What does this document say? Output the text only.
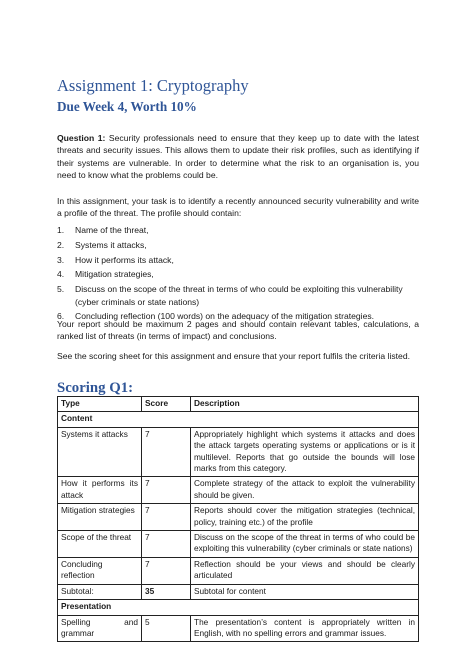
Assignment 1: Cryptography
Due Week 4, Worth 10%

Question 1: Security professionals need to ensure that they keep up to date with the latest threats and security issues. This allows them to update their risk profiles, such as identifying if their systems are vulnerable. In order to determine what the risk to an organisation is, you need to know what the problems could be.

In this assignment, your task is to identify a recently announced security vulnerability and write a profile of the threat. The profile should contain:

1. Name of the threat,
2. Systems it attacks,
3. How it performs its attack,
4. Mitigation strategies,
5. Discuss on the scope of the threat in terms of who could be exploiting this vulnerability (cyber criminals or state nations)
6. Concluding reflection (100 words) on the adequacy of the mitigation strategies.

Your report should be maximum 2 pages and should contain relevant tables, calculations, a ranked list of threats (in terms of impact) and conclusions.

See the scoring sheet for this assignment and ensure that your report fulfils the criteria listed.

Scoring Q1:
Type	Score	Description
Content		
Systems it attacks	7	Appropriately highlight which systems it attacks and does the attack targets operating systems or applications or is it multilevel. Reports that go outside the bounds will lose marks from this category.
How it performs its attack	7	Complete strategy of the attack to exploit the vulnerability should be given.
Mitigation strategies	7	Reports should cover the mitigation strategies (technical, policy, training etc.) of the profile
Scope of the threat	7	Discuss on the scope of the threat in terms of who could be exploiting this vulnerability (cyber criminals or state nations)
Concluding reflection	7	Reflection should be your views and should be clearly articulated
Subtotal:	35	Subtotal for content
Presentation		
Spelling and grammar	5	The presentation’s content is appropriately written in English, with no spelling errors and grammar issues.
